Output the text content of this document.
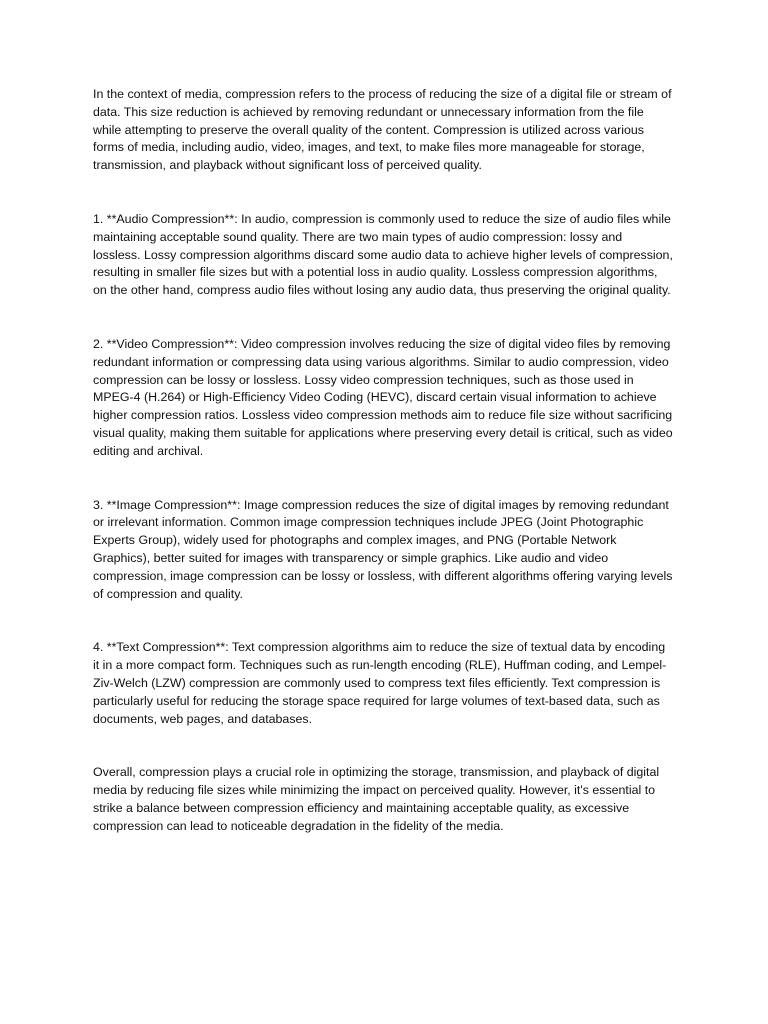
In the context of media, compression refers to the process of reducing the size of a digital file or stream of data. This size reduction is achieved by removing redundant or unnecessary information from the file while attempting to preserve the overall quality of the content. Compression is utilized across various forms of media, including audio, video, images, and text, to make files more manageable for storage, transmission, and playback without significant loss of perceived quality.

1. **Audio Compression**: In audio, compression is commonly used to reduce the size of audio files while maintaining acceptable sound quality. There are two main types of audio compression: lossy and lossless. Lossy compression algorithms discard some audio data to achieve higher levels of compression, resulting in smaller file sizes but with a potential loss in audio quality. Lossless compression algorithms, on the other hand, compress audio files without losing any audio data, thus preserving the original quality.

2. **Video Compression**: Video compression involves reducing the size of digital video files by removing redundant information or compressing data using various algorithms. Similar to audio compression, video compression can be lossy or lossless. Lossy video compression techniques, such as those used in MPEG-4 (H.264) or High-Efficiency Video Coding (HEVC), discard certain visual information to achieve higher compression ratios. Lossless video compression methods aim to reduce file size without sacrificing visual quality, making them suitable for applications where preserving every detail is critical, such as video editing and archival.

3. **Image Compression**: Image compression reduces the size of digital images by removing redundant or irrelevant information. Common image compression techniques include JPEG (Joint Photographic Experts Group), widely used for photographs and complex images, and PNG (Portable Network Graphics), better suited for images with transparency or simple graphics. Like audio and video compression, image compression can be lossy or lossless, with different algorithms offering varying levels of compression and quality.

4. **Text Compression**: Text compression algorithms aim to reduce the size of textual data by encoding it in a more compact form. Techniques such as run-length encoding (RLE), Huffman coding, and Lempel-Ziv-Welch (LZW) compression are commonly used to compress text files efficiently. Text compression is particularly useful for reducing the storage space required for large volumes of text-based data, such as documents, web pages, and databases.

Overall, compression plays a crucial role in optimizing the storage, transmission, and playback of digital media by reducing file sizes while minimizing the impact on perceived quality. However, it's essential to strike a balance between compression efficiency and maintaining acceptable quality, as excessive compression can lead to noticeable degradation in the fidelity of the media.
